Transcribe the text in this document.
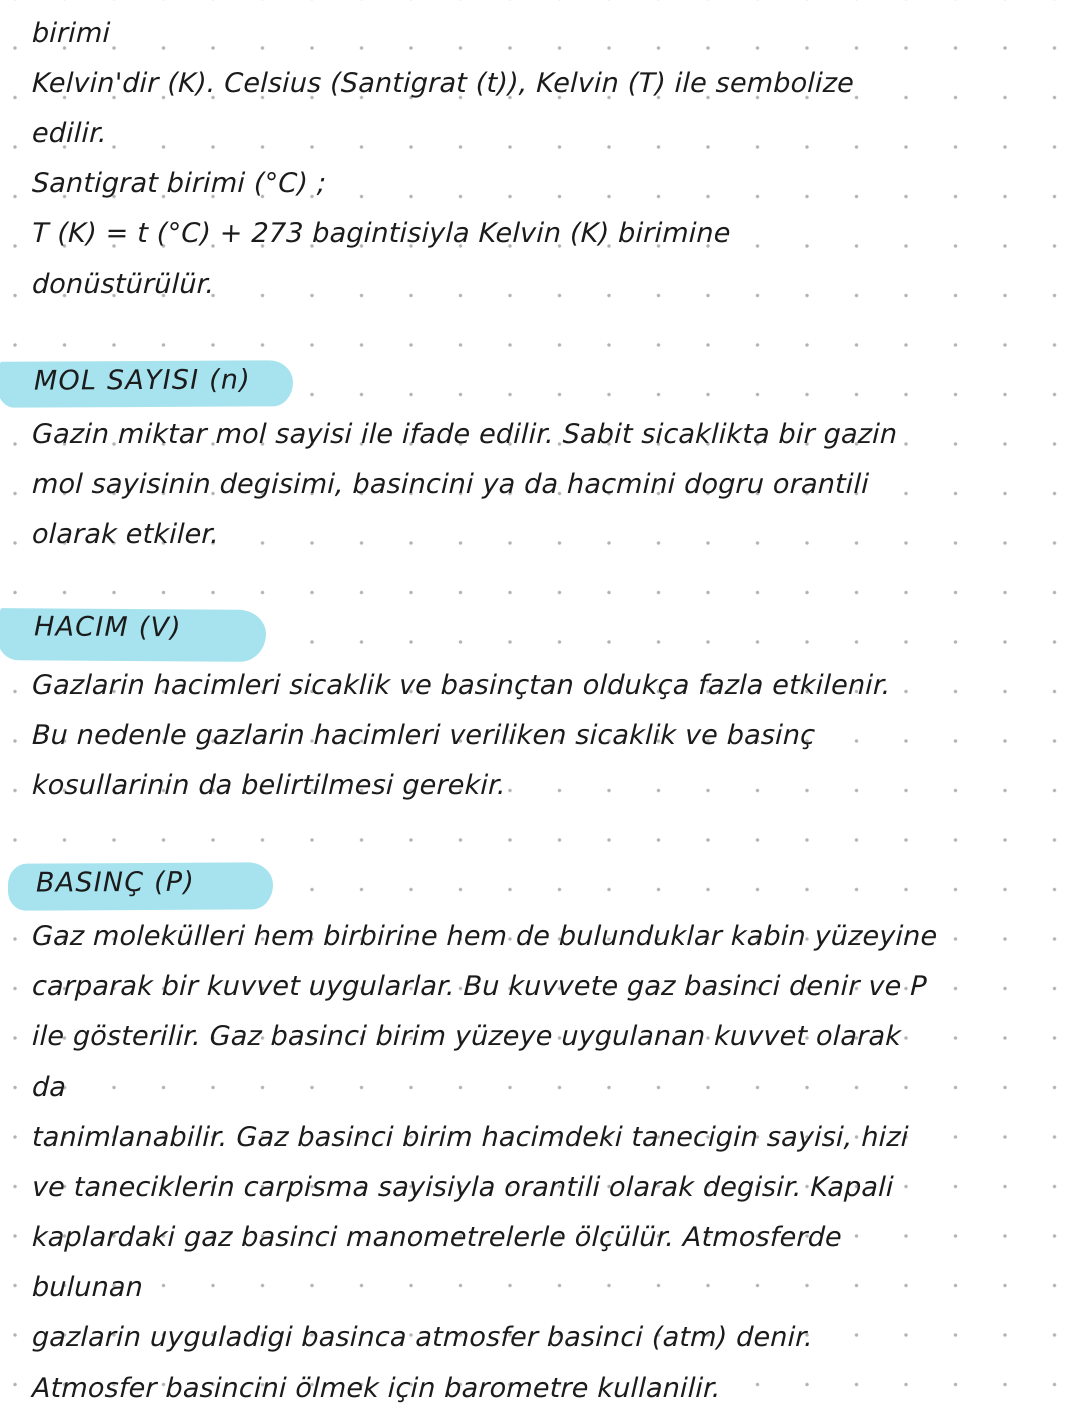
birimi
Kelvin'dir (K). Celsius (Santigrat (t)), Kelvin (T) ile sembolize
edilir.
Santigrat birimi (°C) ;
T (K) = t (°C) + 273 bagintisiyla Kelvin (K) birimine
donüstürülür.
MOL SAYISI (n)
Gazin miktar mol sayisi ile ifade edilir. Sabit sicaklikta bir gazin
mol sayisinin degisimi, basincini ya da hacmini dogru orantili
olarak etkiler.
HACIM (V)
Gazlarin hacimleri sicaklik ve basinçtan oldukça fazla etkilenir.
Bu nedenle gazlarin hacimleri veriliken sicaklik ve basinç
kosullarinin da belirtilmesi gerekir.
BASINÇ (P)
Gaz molekülleri hem birbirine hem de bulunduklar kabin yüzeyine
carparak bir kuvvet uygularlar. Bu kuvvete gaz basinci denir ve P
ile gösterilir. Gaz basinci birim yüzeye uygulanan kuvvet olarak
da
tanimlanabilir. Gaz basinci birim hacimdeki tanecigin sayisi, hizi
ve taneciklerin carpisma sayisiyla orantili olarak degisir. Kapali
kaplardaki gaz basinci manometrelerle ölçülür. Atmosferde
bulunan
gazlarin uyguladigi basinca atmosfer basinci (atm) denir.
Atmosfer basincini ölmek için barometre kullanilir.
